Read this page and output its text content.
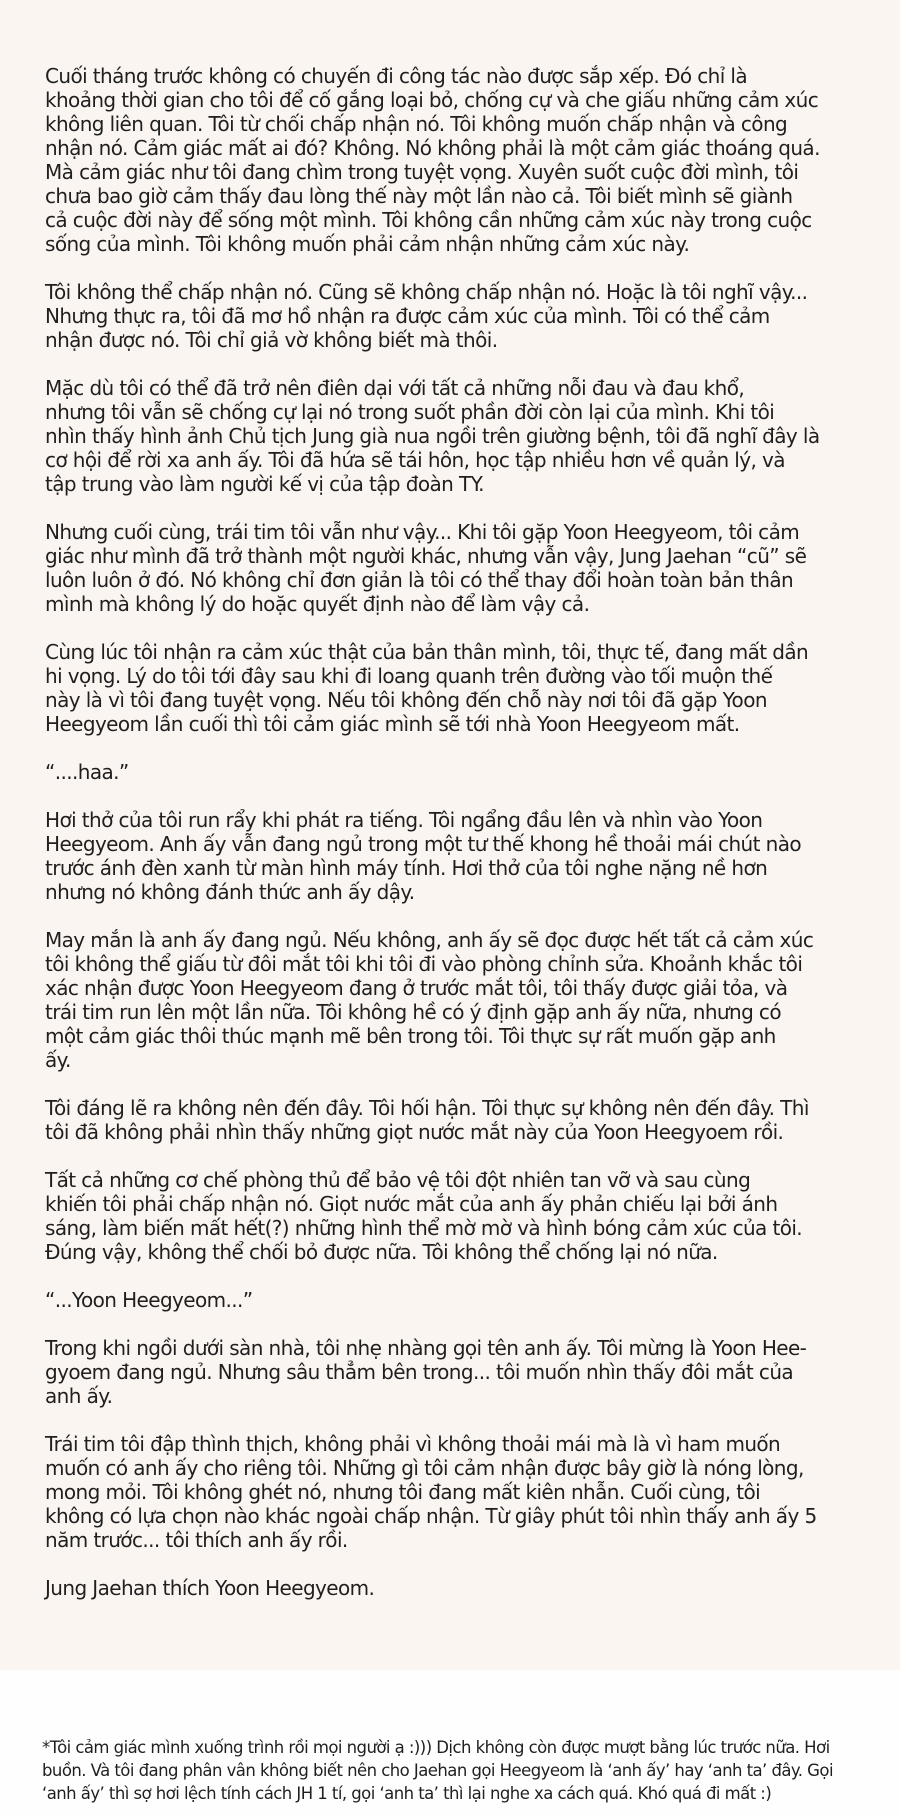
Cuối tháng trước không có chuyến đi công tác nào được sắp xếp. Đó chỉ là
khoảng thời gian cho tôi để cố gắng loại bỏ, chống cự và che giấu những cảm xúc
không liên quan. Tôi từ chối chấp nhận nó. Tôi không muốn chấp nhận và công
nhận nó. Cảm giác mất ai đó? Không. Nó không phải là một cảm giác thoáng quá.
Mà cảm giác như tôi đang chìm trong tuyệt vọng. Xuyên suốt cuộc đời mình, tôi
chưa bao giờ cảm thấy đau lòng thế này một lần nào cả. Tôi biết mình sẽ giành
cả cuộc đời này để sống một mình. Tôi không cần những cảm xúc này trong cuộc
sống của mình. Tôi không muốn phải cảm nhận những cảm xúc này.
Tôi không thể chấp nhận nó. Cũng sẽ không chấp nhận nó. Hoặc là tôi nghĩ vậy...
Nhưng thực ra, tôi đã mơ hồ nhận ra được cảm xúc của mình. Tôi có thể cảm
nhận được nó. Tôi chỉ giả vờ không biết mà thôi.
Mặc dù tôi có thể đã trở nên điên dại với tất cả những nỗi đau và đau khổ,
nhưng tôi vẫn sẽ chống cự lại nó trong suốt phần đời còn lại của mình. Khi tôi
nhìn thấy hình ảnh Chủ tịch Jung già nua ngồi trên giường bệnh, tôi đã nghĩ đây là
cơ hội để rời xa anh ấy. Tôi đã hứa sẽ tái hôn, học tập nhiều hơn về quản lý, và
tập trung vào làm người kế vị của tập đoàn TY.
Nhưng cuối cùng, trái tim tôi vẫn như vậy... Khi tôi gặp Yoon Heegyeom, tôi cảm
giác như mình đã trở thành một người khác, nhưng vẫn vậy, Jung Jaehan “cũ” sẽ
luôn luôn ở đó. Nó không chỉ đơn giản là tôi có thể thay đổi hoàn toàn bản thân
mình mà không lý do hoặc quyết định nào để làm vậy cả.
Cùng lúc tôi nhận ra cảm xúc thật của bản thân mình, tôi, thực tế, đang mất dần
hi vọng. Lý do tôi tới đây sau khi đi loang quanh trên đường vào tối muộn thế
này là vì tôi đang tuyệt vọng. Nếu tôi không đến chỗ này nơi tôi đã gặp Yoon
Heegyeom lần cuối thì tôi cảm giác mình sẽ tới nhà Yoon Heegyeom mất.
“....haa.”
Hơi thở của tôi run rẩy khi phát ra tiếng. Tôi ngẩng đầu lên và nhìn vào Yoon
Heegyeom. Anh ấy vẫn đang ngủ trong một tư thế khong hề thoải mái chút nào
trước ánh đèn xanh từ màn hình máy tính. Hơi thở của tôi nghe nặng nề hơn
nhưng nó không đánh thức anh ấy dậy.
May mắn là anh ấy đang ngủ. Nếu không, anh ấy sẽ đọc được hết tất cả cảm xúc
tôi không thể giấu từ đôi mắt tôi khi tôi đi vào phòng chỉnh sửa. Khoảnh khắc tôi
xác nhận được Yoon Heegyeom đang ở trước mắt tôi, tôi thấy được giải tỏa, và
trái tim run lên một lần nữa. Tôi không hề có ý định gặp anh ấy nữa, nhưng có
một cảm giác thôi thúc mạnh mẽ bên trong tôi. Tôi thực sự rất muốn gặp anh
ấy.
Tôi đáng lẽ ra không nên đến đây. Tôi hối hận. Tôi thực sự không nên đến đây. Thì
tôi đã không phải nhìn thấy những giọt nước mắt này của Yoon Heegyoem rồi.
Tất cả những cơ chế phòng thủ để bảo vệ tôi đột nhiên tan vỡ và sau cùng
khiến tôi phải chấp nhận nó. Giọt nước mắt của anh ấy phản chiếu lại bởi ánh
sáng, làm biến mất hết(?) những hình thể mờ mờ và hình bóng cảm xúc của tôi.
Đúng vậy, không thể chối bỏ được nữa. Tôi không thể chống lại nó nữa.
“...Yoon Heegyeom...”
Trong khi ngồi dưới sàn nhà, tôi nhẹ nhàng gọi tên anh ấy. Tôi mừng là Yoon Hee-
gyoem đang ngủ. Nhưng sâu thẳm bên trong... tôi muốn nhìn thấy đôi mắt của
anh ấy.
Trái tim tôi đập thình thịch, không phải vì không thoải mái mà là vì ham muốn
muốn có anh ấy cho riêng tôi. Những gì tôi cảm nhận được bây giờ là nóng lòng,
mong mỏi. Tôi không ghét nó, nhưng tôi đang mất kiên nhẫn. Cuối cùng, tôi
không có lựa chọn nào khác ngoài chấp nhận. Từ giây phút tôi nhìn thấy anh ấy 5
năm trước... tôi thích anh ấy rồi.
Jung Jaehan thích Yoon Heegyeom.
*Tôi cảm giác mình xuống trình rồi mọi người ạ :))) Dịch không còn được mượt bằng lúc trước nữa. Hơi
buồn. Và tôi đang phân vân không biết nên cho Jaehan gọi Heegyeom là ‘anh ấy’ hay ‘anh ta’ đây. Gọi
‘anh ấy’ thì sợ hơi lệch tính cách JH 1 tí, gọi ‘anh ta’ thì lại nghe xa cách quá. Khó quá đi mất :)
